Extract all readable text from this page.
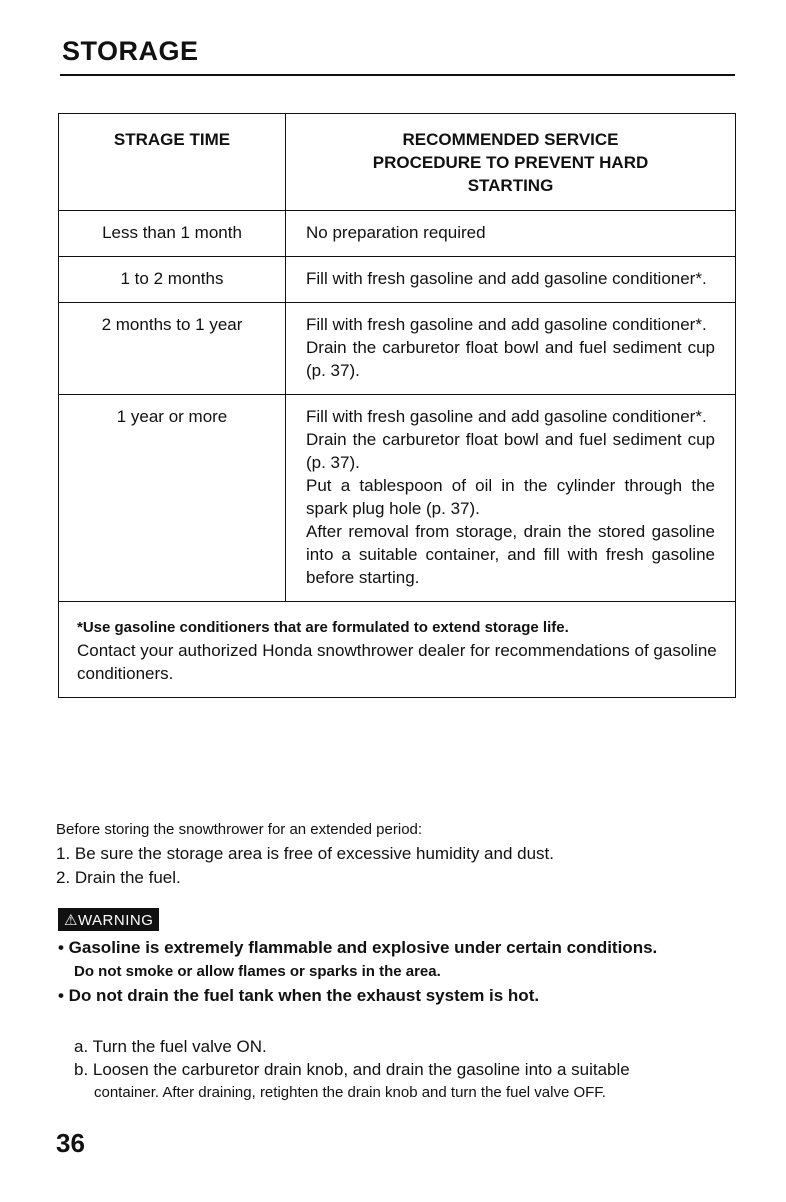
STORAGE
STRAGE TIME	RECOMMENDED SERVICE PROCEDURE TO PREVENT HARD STARTING
Less than 1 month	No preparation required

1 to 2 months	Fill with fresh gasoline and add gasoline conditioner*.

2 months to 1 year	Fill with fresh gasoline and add gasoline conditioner*.
Drain the carburetor float bowl and fuel sediment cup (p. 37).

1 year or more	Fill with fresh gasoline and add gasoline conditioner*.
Drain the carburetor float bowl and fuel sediment cup (p. 37).
Put a tablespoon of oil in the cylinder through the spark plug hole (p. 37).
After removal from storage, drain the stored gasoline into a suitable container, and fill with fresh gasoline before starting.

*Use gasoline conditioners that are formulated to extend storage life.
Contact your authorized Honda snowthrower dealer for recommendations of gasoline conditioners.	
Before storing the snowthrower for an extended period:
1. Be sure the storage area is free of excessive humidity and dust.
2. Drain the fuel.
⚠WARNING
• Gasoline is extremely flammable and explosive under certain conditions.
Do not smoke or allow flames or sparks in the area.
• Do not drain the fuel tank when the exhaust system is hot.
a. Turn the fuel valve ON.
b. Loosen the carburetor drain knob, and drain the gasoline into a suitable
container. After draining, retighten the drain knob and turn the fuel valve OFF.
36
